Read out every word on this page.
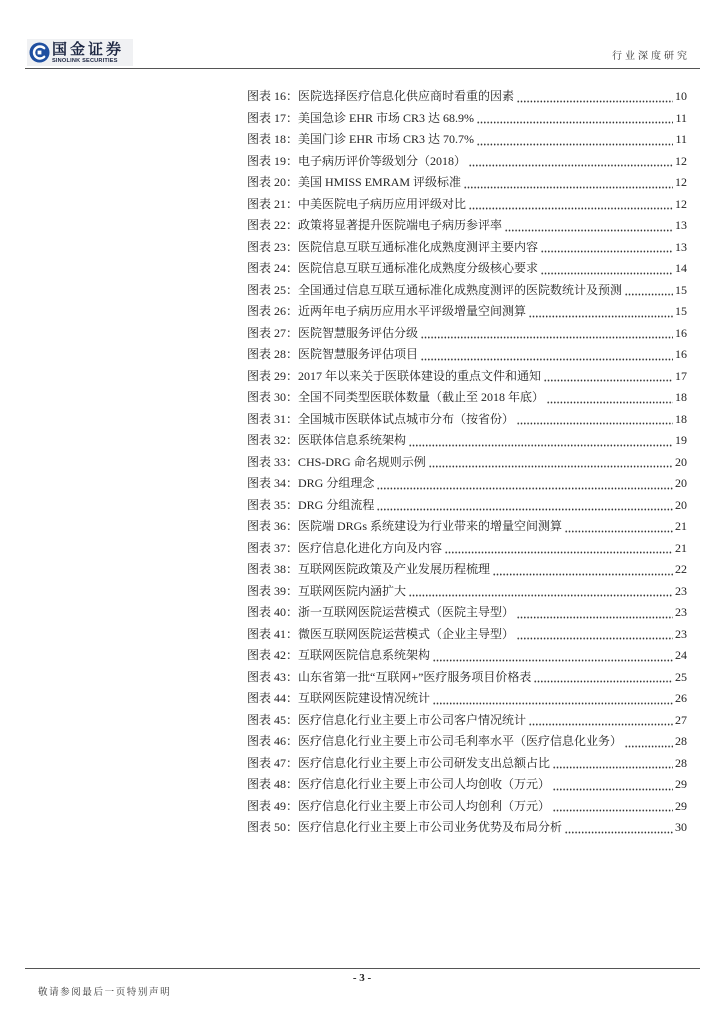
国金证券
SINOLINK SECURITIES	行业深度研究
图表 16： 医院选择医疗信息化供应商时看重的因素	10
图表 17： 美国急诊 EHR 市场 CR3 达 68.9%	11
图表 18： 美国门诊 EHR 市场 CR3 达 70.7%	11
图表 19： 电子病历评价等级划分（2018）	12
图表 20： 美国 HMISS EMRAM 评级标准	12
图表 21： 中美医院电子病历应用评级对比	12
图表 22： 政策将显著提升医院端电子病历参评率	13
图表 23： 医院信息互联互通标准化成熟度测评主要内容	13
图表 24： 医院信息互联互通标准化成熟度分级核心要求	14
图表 25： 全国通过信息互联互通标准化成熟度测评的医院数统计及预测	15
图表 26： 近两年电子病历应用水平评级增量空间测算	15
图表 27： 医院智慧服务评估分级	16
图表 28： 医院智慧服务评估项目	16
图表 29： 2017 年以来关于医联体建设的重点文件和通知	17
图表 30： 全国不同类型医联体数量（截止至 2018 年底）	18
图表 31： 全国城市医联体试点城市分布（按省份）	18
图表 32： 医联体信息系统架构	19
图表 33： CHS-DRG 命名规则示例	20
图表 34： DRG 分组理念	20
图表 35： DRG 分组流程	20
图表 36： 医院端 DRGs 系统建设为行业带来的增量空间测算	21
图表 37： 医疗信息化进化方向及内容	21
图表 38： 互联网医院政策及产业发展历程梳理	22
图表 39： 互联网医院内涵扩大	23
图表 40： 浙一互联网医院运营模式（医院主导型）	23
图表 41： 微医互联网医院运营模式（企业主导型）	23
图表 42： 互联网医院信息系统架构	24
图表 43： 山东省第一批“互联网+”医疗服务项目价格表	25
图表 44： 互联网医院建设情况统计	26
图表 45： 医疗信息化行业主要上市公司客户情况统计	27
图表 46： 医疗信息化行业主要上市公司毛利率水平（医疗信息化业务）	28
图表 47： 医疗信息化行业主要上市公司研发支出总额占比	28
图表 48： 医疗信息化行业主要上市公司人均创收（万元）	29
图表 49： 医疗信息化行业主要上市公司人均创利（万元）	29
图表 50： 医疗信息化行业主要上市公司业务优势及布局分析	30
- 3 -
敬请参阅最后一页特别声明
